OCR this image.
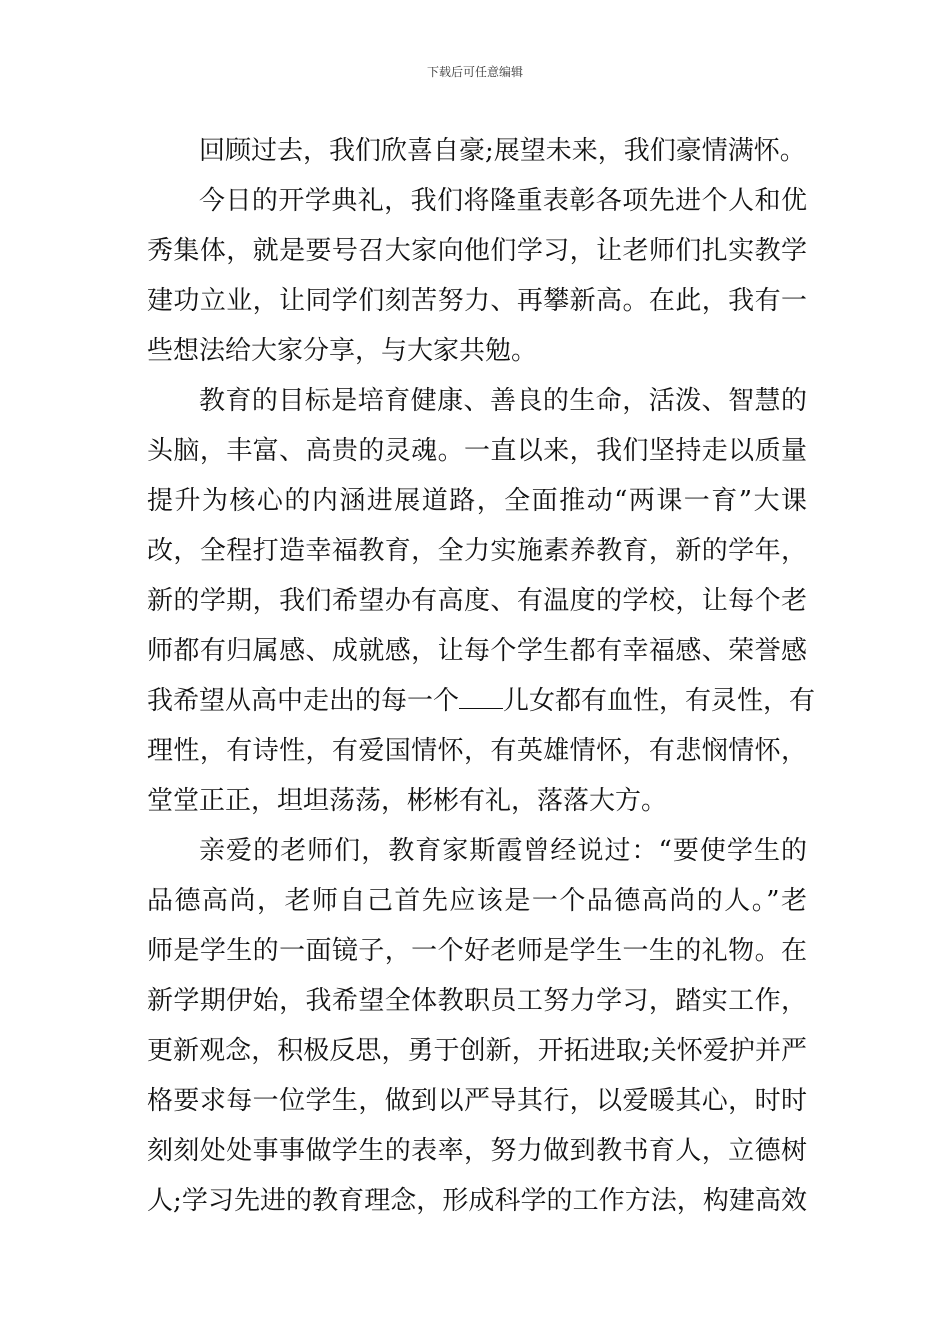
下载后可任意编辑
回顾过去，我们欣喜自豪;展望未来，我们豪情满怀。
今日的开学典礼，我们将隆重表彰各项先进个人和优
秀集体，就是要号召大家向他们学习，让老师们扎实教学
建功立业，让同学们刻苦努力、再攀新高。在此，我有一
些想法给大家分享，与大家共勉。
教育的目标是培育健康、善良的生命，活泼、智慧的
头脑，丰富、高贵的灵魂。一直以来，我们坚持走以质量
提升为核心的内涵进展道路，全面推动“两课一育”大课
改，全程打造幸福教育，全力实施素养教育，新的学年，
新的学期，我们希望办有高度、有温度的学校，让每个老
师都有归属感、成就感，让每个学生都有幸福感、荣誉感
我希望从高中走出的每一个 儿女都有血性，有灵性，有
理性，有诗性，有爱国情怀，有英雄情怀，有悲悯情怀，
堂堂正正，坦坦荡荡，彬彬有礼，落落大方。
亲爱的老师们，教育家斯霞曾经说过：“要使学生的
品德高尚，老师自己首先应该是一个品德高尚的人。”老
师是学生的一面镜子，一个好老师是学生一生的礼物。在
新学期伊始，我希望全体教职员工努力学习，踏实工作，
更新观念，积极反思，勇于创新，开拓进取;关怀爱护并严
格要求每一位学生，做到以严导其行，以爱暖其心，时时
刻刻处处事事做学生的表率，努力做到教书育人，立德树
人;学习先进的教育理念，形成科学的工作方法，构建高效
